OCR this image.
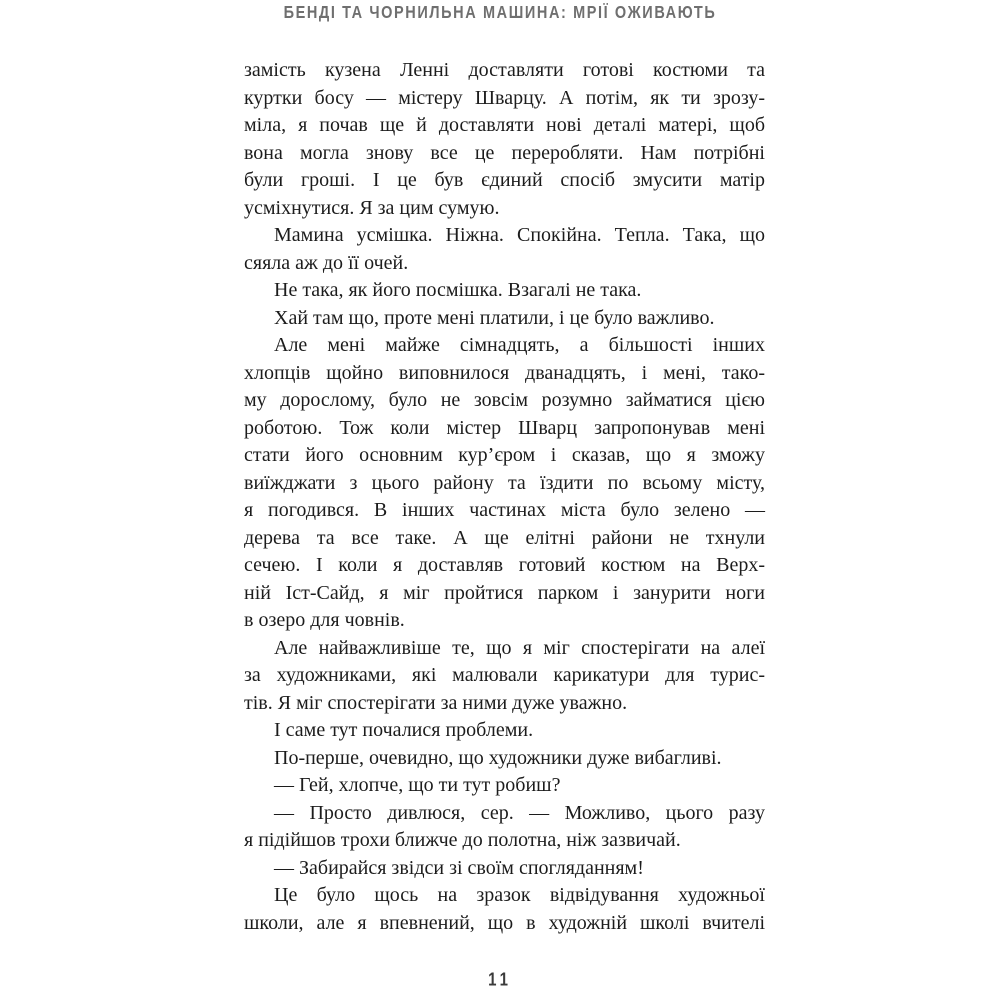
БЕНДІ ТА ЧОРНИЛЬНА МАШИНА: МРІЇ ОЖИВАЮТЬ
замість кузена Ленні доставляти готові костюми та
куртки босу — містеру Шварцу. А потім, як ти зрозу-
міла, я почав ще й доставляти нові деталі матері, щоб
вона могла знову все це переробляти. Нам потрібні
були гроші. І це був єдиний спосіб змусити матір
усміхнутися. Я за цим сумую.
Мамина усмішка. Ніжна. Спокійна. Тепла. Така, що
сяяла аж до її очей.
Не така, як його посмішка. Взагалі не така.
Хай там що, проте мені платили, і це було важливо.
Але мені майже сімнадцять, а більшості інших
хлопців щойно виповнилося дванадцять, і мені, тако-
му дорослому, було не зовсім розумно займатися цією
роботою. Тож коли містер Шварц запропонував мені
стати його основним кур’єром і сказав, що я зможу
виїжджати з цього району та їздити по всьому місту,
я погодився. В інших частинах міста було зелено —
дерева та все таке. А ще елітні райони не тхнули
сечею. І коли я доставляв готовий костюм на Верх-
ній Іст-Сайд, я міг пройтися парком і занурити ноги
в озеро для човнів.
Але найважливіше те, що я міг спостерігати на алеї
за художниками, які малювали карикатури для турис-
тів. Я міг спостерігати за ними дуже уважно.
І саме тут почалися проблеми.
По-перше, очевидно, що художники дуже вибагливі.
— Гей, хлопче, що ти тут робиш?
— Просто дивлюся, сер. — Можливо, цього разу
я підійшов трохи ближче до полотна, ніж зазвичай.
— Забирайся звідси зі своїм спогляданням!
Це було щось на зразок відвідування художньої
школи, але я впевнений, що в художній школі вчителі
11
